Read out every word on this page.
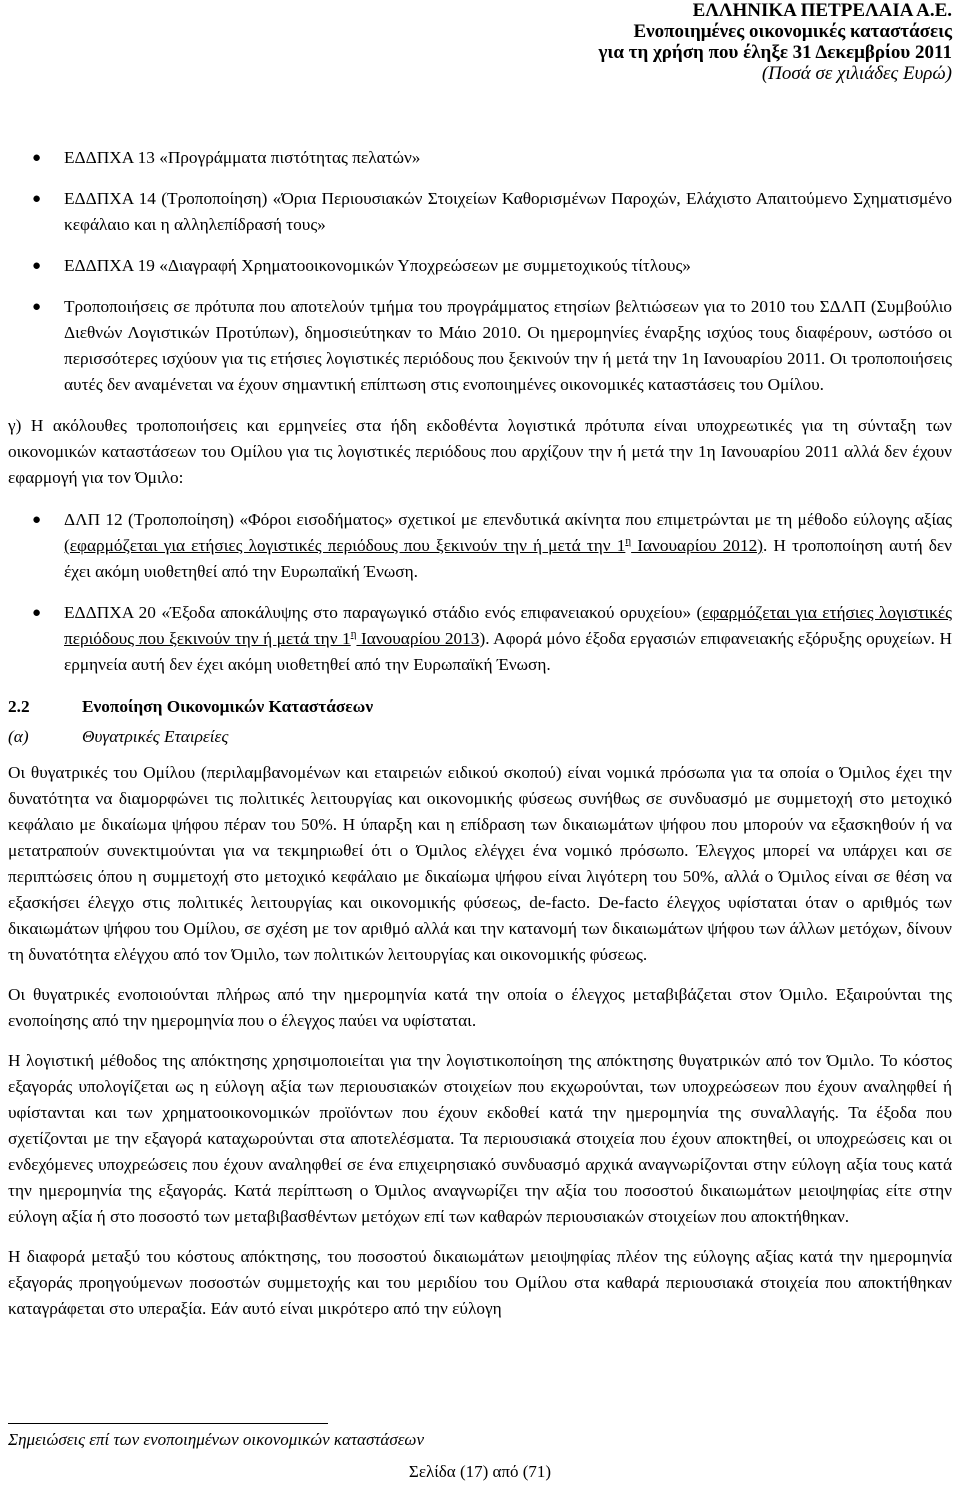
ΕΛΛΗΝΙΚΑ ΠΕΤΡΕΛΑΙΑ Α.Ε.
Ενοποιημένες οικονομικές καταστάσεις
για τη χρήση που έληξε 31 Δεκεμβρίου 2011
(Ποσά σε χιλιάδες Ευρώ)
● ΕΔΔΠΧΑ 13 «Προγράμματα πιστότητας πελατών»
● ΕΔΔΠΧΑ 14 (Τροποποίηση) «Όρια Περιουσιακών Στοιχείων Καθορισμένων Παροχών, Ελάχιστο Απαιτούμενο Σχηματισμένο κεφάλαιο και η αλληλεπίδρασή τους»
● ΕΔΔΠΧΑ 19 «Διαγραφή Χρηματοοικονομικών Υποχρεώσεων με συμμετοχικούς τίτλους»
● Τροποποιήσεις σε πρότυπα που αποτελούν τμήμα του προγράμματος ετησίων βελτιώσεων για το 2010 του ΣΔΛΠ (Συμβούλιο Διεθνών Λογιστικών Προτύπων), δημοσιεύτηκαν το Μάιο 2010. Οι ημερομηνίες έναρξης ισχύος τους διαφέρουν, ωστόσο οι περισσότερες ισχύουν για τις ετήσιες λογιστικές περιόδους που ξεκινούν την ή μετά την 1η Ιανουαρίου 2011. Οι τροποποιήσεις αυτές δεν αναμένεται να έχουν σημαντική επίπτωση στις ενοποιημένες οικονομικές καταστάσεις του Ομίλου.

γ) Η ακόλουθες τροποποιήσεις και ερμηνείες στα ήδη εκδοθέντα λογιστικά πρότυπα είναι υποχρεωτικές για τη σύνταξη των οικονομικών καταστάσεων του Ομίλου για τις λογιστικές περιόδους που αρχίζουν την ή μετά την 1η Ιανουαρίου 2011 αλλά δεν έχουν εφαρμογή για τον Όμιλο:

● ΔΛΠ 12 (Τροποποίηση) «Φόροι εισοδήματος» σχετικοί με επενδυτικά ακίνητα που επιμετρώνται με τη μέθοδο εύλογης αξίας (εφαρμόζεται για ετήσιες λογιστικές περιόδους που ξεκινούν την ή μετά την $1^\eta$ Ιανουαρίου 2012). Η τροποποίηση αυτή δεν έχει ακόμη υιοθετηθεί από την Ευρωπαϊκή Ένωση.
● ΕΔΔΠΧΑ 20 «Έξοδα αποκάλυψης στο παραγωγικό στάδιο ενός επιφανειακού ορυχείου» (εφαρμόζεται για ετήσιες λογιστικές περιόδους που ξεκινούν την ή μετά την $1^\eta$ Ιανουαρίου 2013). Αφορά μόνο έξοδα εργασιών επιφανειακής εξόρυξης ορυχείων. Η ερμηνεία αυτή δεν έχει ακόμη υιοθετηθεί από την Ευρωπαϊκή Ένωση.
2.2	Ενοποίηση Οικονομικών Καταστάσεων
(α)	Θυγατρικές Εταιρείες

Οι θυγατρικές του Ομίλου (περιλαμβανομένων και εταιρειών ειδικού σκοπού) είναι νομικά πρόσωπα για τα οποία ο Όμιλος έχει την δυνατότητα να διαμορφώνει τις πολιτικές λειτουργίας και οικονομικής φύσεως συνήθως σε συνδυασμό με συμμετοχή στο μετοχικό κεφάλαιο με δικαίωμα ψήφου πέραν του 50%. Η ύπαρξη και η επίδραση των δικαιωμάτων ψήφου που μπορούν να εξασκηθούν ή να μετατραπούν συνεκτιμούνται για να τεκμηριωθεί ότι ο Όμιλος ελέγχει ένα νομικό πρόσωπο. Έλεγχος μπορεί να υπάρχει και σε περιπτώσεις όπου η συμμετοχή στο μετοχικό κεφάλαιο με δικαίωμα ψήφου είναι λιγότερη του 50%, αλλά ο Όμιλος είναι σε θέση να εξασκήσει έλεγχο στις πολιτικές λειτουργίας και οικονομικής φύσεως, de-facto. De-facto έλεγχος υφίσταται όταν ο αριθμός των δικαιωμάτων ψήφου του Ομίλου, σε σχέση με τον αριθμό αλλά και την κατανομή των δικαιωμάτων ψήφου των άλλων μετόχων, δίνουν τη δυνατότητα ελέγχου από τον Όμιλο, των πολιτικών λειτουργίας και οικονομικής φύσεως.

Οι θυγατρικές ενοποιούνται πλήρως από την ημερομηνία κατά την οποία ο έλεγχος μεταβιβάζεται στον Όμιλο. Εξαιρούνται της ενοποίησης από την ημερομηνία που ο έλεγχος παύει να υφίσταται.

Η λογιστική μέθοδος της απόκτησης χρησιμοποιείται για την λογιστικοποίηση της απόκτησης θυγατρικών από τον Όμιλο. Το κόστος εξαγοράς υπολογίζεται ως η εύλογη αξία των περιουσιακών στοιχείων που εκχωρούνται, των υποχρεώσεων που έχουν αναληφθεί ή υφίστανται και των χρηματοοικονομικών προϊόντων που έχουν εκδοθεί κατά την ημερομηνία της συναλλαγής. Τα έξοδα που σχετίζονται με την εξαγορά καταχωρούνται στα αποτελέσματα. Τα περιουσιακά στοιχεία που έχουν αποκτηθεί, οι υποχρεώσεις και οι ενδεχόμενες υποχρεώσεις που έχουν αναληφθεί σε ένα επιχειρησιακό συνδυασμό αρχικά αναγνωρίζονται στην εύλογη αξία τους κατά την ημερομηνία της εξαγοράς. Κατά περίπτωση ο Όμιλος αναγνωρίζει την αξία του ποσοστού δικαιωμάτων μειοψηφίας είτε στην εύλογη αξία ή στο ποσοστό των μεταβιβασθέντων μετόχων επί των καθαρών περιουσιακών στοιχείων που αποκτήθηκαν.

Η διαφορά μεταξύ του κόστους απόκτησης, του ποσοστού δικαιωμάτων μειοψηφίας πλέον της εύλογης αξίας κατά την ημερομηνία εξαγοράς προηγούμενων ποσοστών συμμετοχής και του μεριδίου του Ομίλου στα καθαρά περιουσιακά στοιχεία που αποκτήθηκαν καταγράφεται στο υπεραξία. Εάν αυτό είναι μικρότερο από την εύλογη

Σημειώσεις επί των ενοποιημένων οικονομικών καταστάσεων
Σελίδα (17) από (71)
